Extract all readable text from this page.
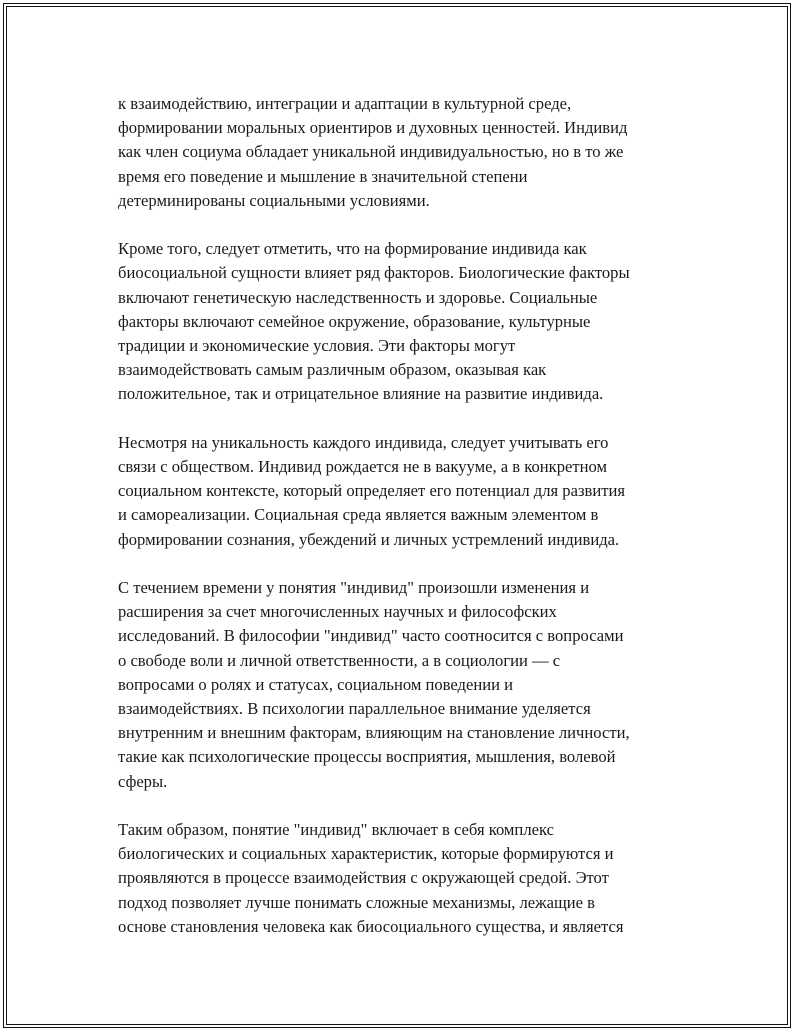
к взаимодействию, интеграции и адаптации в культурной среде,
формировании моральных ориентиров и духовных ценностей. Индивид
как член социума обладает уникальной индивидуальностью, но в то же
время его поведение и мышление в значительной степени
детерминированы социальными условиями.

Кроме того, следует отметить, что на формирование индивида как
биосоциальной сущности влияет ряд факторов. Биологические факторы
включают генетическую наследственность и здоровье. Социальные
факторы включают семейное окружение, образование, культурные
традиции и экономические условия. Эти факторы могут
взаимодействовать самым различным образом, оказывая как
положительное, так и отрицательное влияние на развитие индивида.

Несмотря на уникальность каждого индивида, следует учитывать его
связи с обществом. Индивид рождается не в вакууме, а в конкретном
социальном контексте, который определяет его потенциал для развития
и самореализации. Социальная среда является важным элементом в
формировании сознания, убеждений и личных устремлений индивида.

С течением времени у понятия "индивид" произошли изменения и
расширения за счет многочисленных научных и философских
исследований. В философии "индивид" часто соотносится с вопросами
о свободе воли и личной ответственности, а в социологии — с
вопросами о ролях и статусах, социальном поведении и
взаимодействиях. В психологии параллельное внимание уделяется
внутренним и внешним факторам, влияющим на становление личности,
такие как психологические процессы восприятия, мышления, волевой
сферы.

Таким образом, понятие "индивид" включает в себя комплекс
биологических и социальных характеристик, которые формируются и
проявляются в процессе взаимодействия с окружающей средой. Этот
подход позволяет лучше понимать сложные механизмы, лежащие в
основе становления человека как биосоциального существа, и является
